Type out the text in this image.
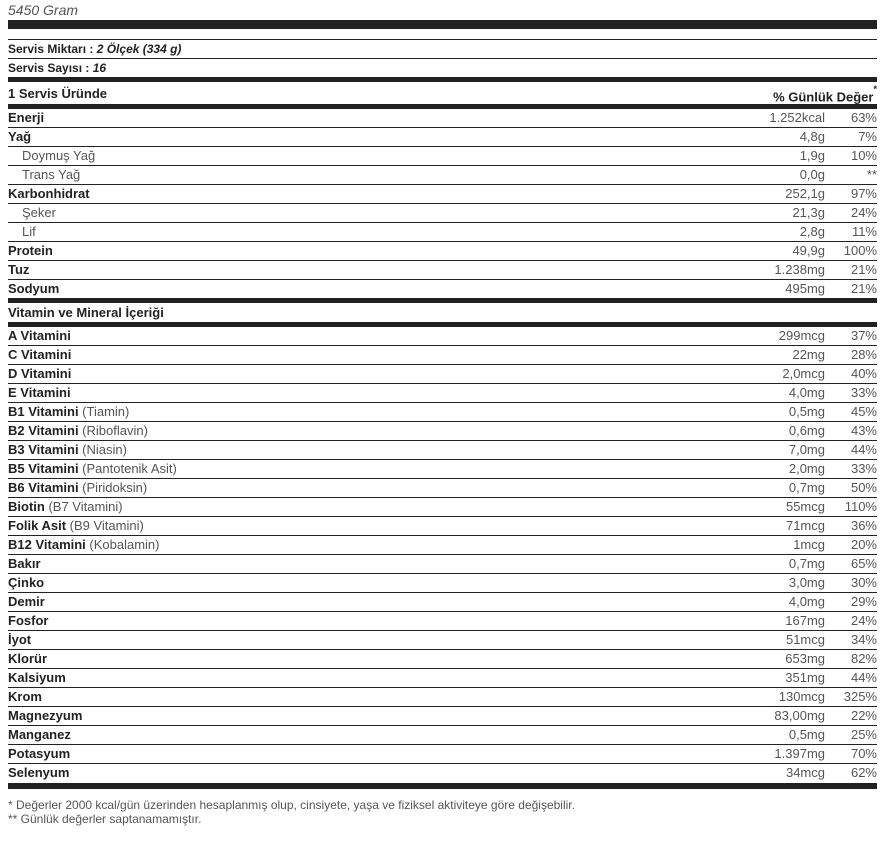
5450 Gram
Servis Miktarı : 2 Ölçek (334 g)
Servis Sayısı : 16
1 Servis Üründe	% Günlük Değer*
Enerji	1.252kcal	63%
Yağ	4,8g	7%
Doymuş Yağ	1,9g	10%
Trans Yağ	0,0g	**
Karbonhidrat	252,1g	97%
Şeker	21,3g	24%
Lif	2,8g	11%
Protein	49,9g	100%
Tuz	1.238mg	21%
Sodyum	495mg	21%
Vitamin ve Mineral İçeriği
A Vitamini	299mcg	37%
C Vitamini	22mg	28%
D Vitamini	2,0mcg	40%
E Vitamini	4,0mg	33%
B1 Vitamini (Tiamin)	0,5mg	45%
B2 Vitamini (Riboflavin)	0,6mg	43%
B3 Vitamini (Niasin)	7,0mg	44%
B5 Vitamini (Pantotenik Asit)	2,0mg	33%
B6 Vitamini (Piridoksin)	0,7mg	50%
Biotin (B7 Vitamini)	55mcg	110%
Folik Asit (B9 Vitamini)	71mcg	36%
B12 Vitamini (Kobalamin)	1mcg	20%
Bakır	0,7mg	65%
Çinko	3,0mg	30%
Demir	4,0mg	29%
Fosfor	167mg	24%
İyot	51mcg	34%
Klorür	653mg	82%
Kalsiyum	351mg	44%
Krom	130mcg	325%
Magnezyum	83,00mg	22%
Manganez	0,5mg	25%
Potasyum	1.397mg	70%
Selenyum	34mcg	62%
* Değerler 2000 kcal/gün üzerinden hesaplanmış olup, cinsiyete, yaşa ve fiziksel aktiviteye göre değişebilir.
** Günlük değerler saptanamamıştır.
